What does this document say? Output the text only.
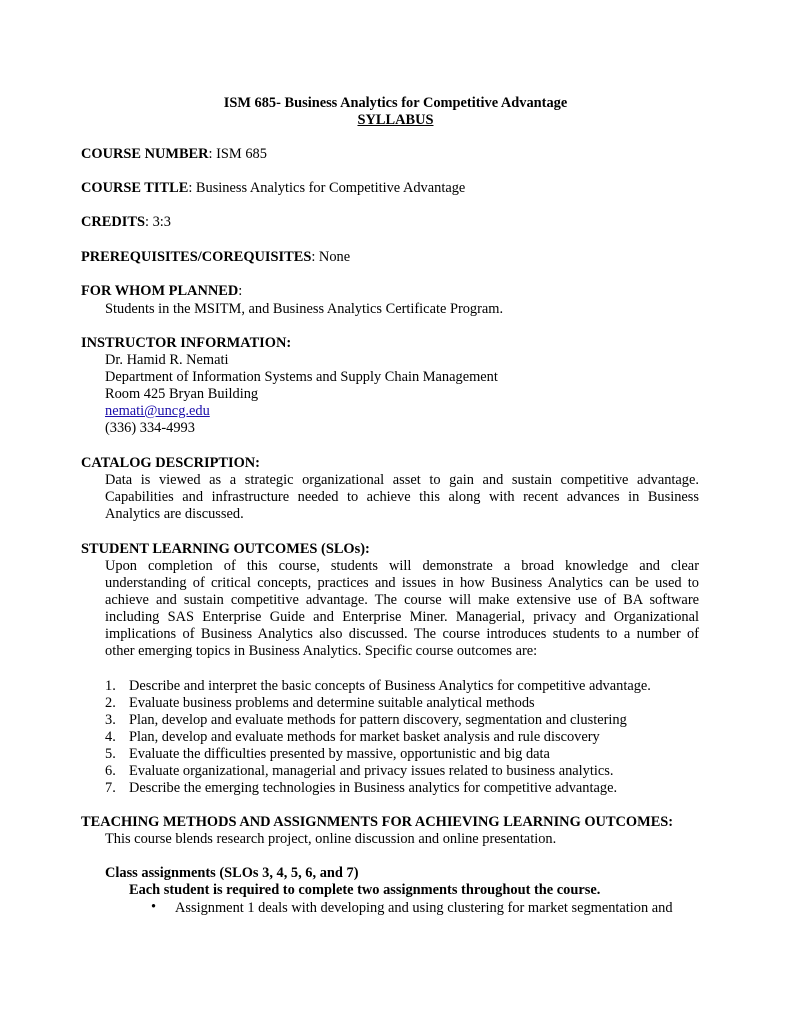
ISM 685- Business Analytics for Competitive Advantage
SYLLABUS
COURSE NUMBER: ISM 685
COURSE TITLE: Business Analytics for Competitive Advantage
CREDITS: 3:3
PREREQUISITES/COREQUISITES: None
FOR WHOM PLANNED:
Students in the MSITM, and Business Analytics Certificate Program.
INSTRUCTOR INFORMATION:
Dr. Hamid R. Nemati
Department of Information Systems and Supply Chain Management
Room 425 Bryan Building
nemati@uncg.edu
(336) 334-4993
CATALOG DESCRIPTION:
Data is viewed as a strategic organizational asset to gain and sustain competitive advantage.
Capabilities and infrastructure needed to achieve this along with recent advances in Business
Analytics are discussed.
STUDENT LEARNING OUTCOMES (SLOs):
Upon completion of this course, students will demonstrate a broad knowledge and clear
understanding of critical concepts, practices and issues in how Business Analytics can be used to
achieve and sustain competitive advantage. The course will make extensive use of BA software
including SAS Enterprise Guide and Enterprise Miner. Managerial, privacy and Organizational
implications of Business Analytics also discussed. The course introduces students to a number of
other emerging topics in Business Analytics. Specific course outcomes are:
1. Describe and interpret the basic concepts of Business Analytics for competitive advantage.
2. Evaluate business problems and determine suitable analytical methods
3. Plan, develop and evaluate methods for pattern discovery, segmentation and clustering
4. Plan, develop and evaluate methods for market basket analysis and rule discovery
5. Evaluate the difficulties presented by massive, opportunistic and big data
6. Evaluate organizational, managerial and privacy issues related to business analytics.
7. Describe the emerging technologies in Business analytics for competitive advantage.
TEACHING METHODS AND ASSIGNMENTS FOR ACHIEVING LEARNING OUTCOMES:
This course blends research project, online discussion and online presentation.
Class assignments (SLOs 3, 4, 5, 6, and 7)
Each student is required to complete two assignments throughout the course.
• Assignment 1 deals with developing and using clustering for market segmentation and
